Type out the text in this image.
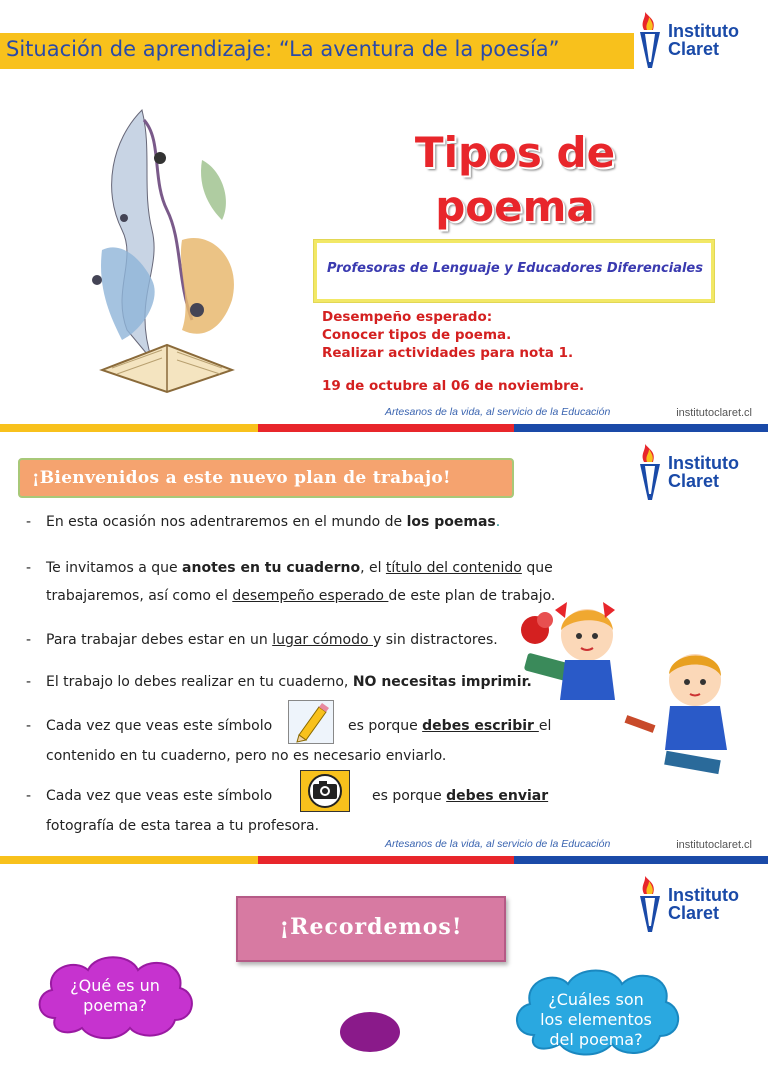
Situación de aprendizaje: “La aventura de la poesía”
Instituto
Claret
Tipos de
poema
Profesoras de Lenguaje y Educadores Diferenciales
Desempeño esperado:
Conocer tipos de poema.
Realizar actividades para nota 1.
19 de octubre al 06 de noviembre.
Artesanos de la vida, al servicio de la Educación	institutoclaret.cl
¡Bienvenidos a este nuevo plan de trabajo!
Instituto
Claret
- En esta ocasión nos adentraremos en el mundo de los poemas.
- Te invitamos a que anotes en tu cuaderno, el título del contenido que
trabajaremos, así como el desempeño esperado de este plan de trabajo.
- Para trabajar debes estar en un lugar cómodo y sin distractores.
- El trabajo lo debes realizar en tu cuaderno, NO necesitas imprimir.
- Cada vez que veas este símbolo	es porque debes escribir el
contenido en tu cuaderno, pero no es necesario enviarlo.
- Cada vez que veas este símbolo	es porque debes enviar
fotografía de esta tarea a tu profesora.
Artesanos de la vida, al servicio de la Educación	institutoclaret.cl
Instituto
Claret
¡Recordemos!
¿Qué es un
poema?	¿Cuáles son
los elementos
del poema?
